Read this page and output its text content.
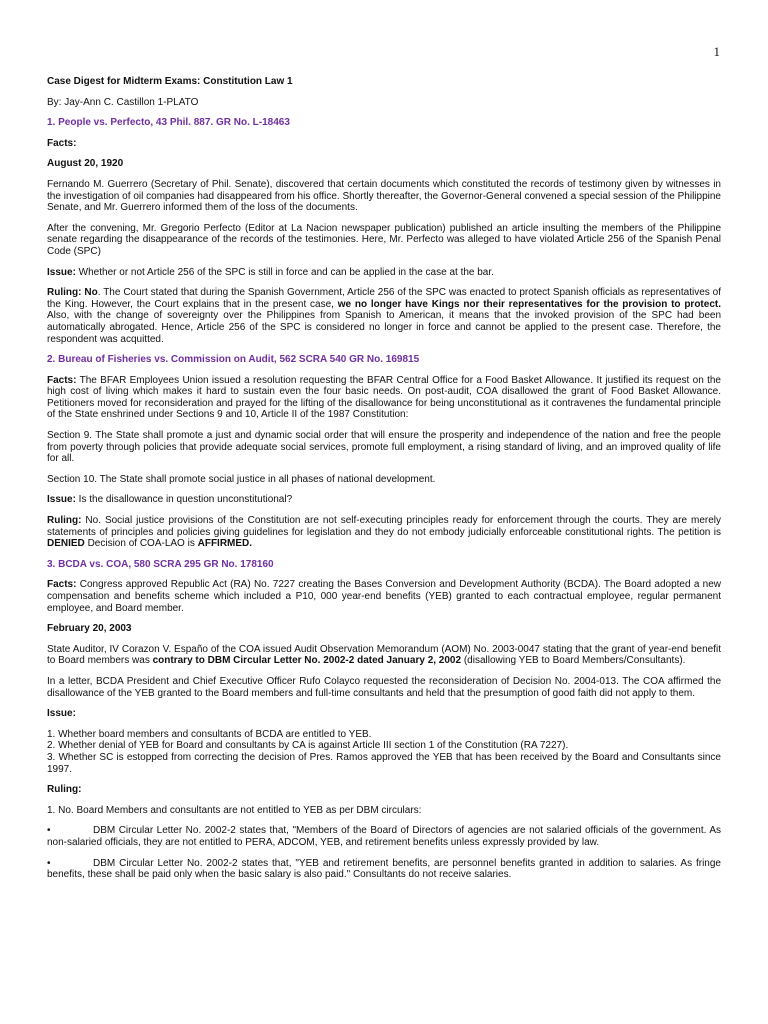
1

Case Digest for Midterm Exams: Constitution Law 1

By: Jay-Ann C. Castillon 1-PLATO

1. People vs. Perfecto, 43 Phil. 887. GR No. L-18463

Facts:

August 20, 1920

Fernando M. Guerrero (Secretary of Phil. Senate), discovered that certain documents which constituted the records of testimony given by witnesses in the investigation of oil companies had disappeared from his office. Shortly thereafter, the Governor-General convened a special session of the Philippine Senate, and Mr. Guerrero informed them of the loss of the documents.

After the convening, Mr. Gregorio Perfecto (Editor at La Nacion newspaper publication) published an article insulting the members of the Philippine senate regarding the disappearance of the records of the testimonies. Here, Mr. Perfecto was alleged to have violated Article 256 of the Spanish Penal Code (SPC)

Issue: Whether or not Article 256 of the SPC is still in force and can be applied in the case at the bar.

Ruling: No. The Court stated that during the Spanish Government, Article 256 of the SPC was enacted to protect Spanish officials as representatives of the King. However, the Court explains that in the present case, we no longer have Kings nor their representatives for the provision to protect. Also, with the change of sovereignty over the Philippines from Spanish to American, it means that the invoked provision of the SPC had been automatically abrogated. Hence, Article 256 of the SPC is considered no longer in force and cannot be applied to the present case. Therefore, the respondent was acquitted.

2. Bureau of Fisheries vs. Commission on Audit, 562 SCRA 540 GR No. 169815

Facts: The BFAR Employees Union issued a resolution requesting the BFAR Central Office for a Food Basket Allowance. It justified its request on the high cost of living which makes it hard to sustain even the four basic needs. On post-audit, COA disallowed the grant of Food Basket Allowance. Petitioners moved for reconsideration and prayed for the lifting of the disallowance for being unconstitutional as it contravenes the fundamental principle of the State enshrined under Sections 9 and 10, Article II of the 1987 Constitution:

Section 9. The State shall promote a just and dynamic social order that will ensure the prosperity and independence of the nation and free the people from poverty through policies that provide adequate social services, promote full employment, a rising standard of living, and an improved quality of life for all.

Section 10. The State shall promote social justice in all phases of national development.

Issue: Is the disallowance in question unconstitutional?

Ruling: No. Social justice provisions of the Constitution are not self-executing principles ready for enforcement through the courts. They are merely statements of principles and policies giving guidelines for legislation and they do not embody judicially enforceable constitutional rights. The petition is DENIED Decision of COA-LAO is AFFIRMED.

3. BCDA vs. COA, 580 SCRA 295 GR No. 178160

Facts: Congress approved Republic Act (RA) No. 7227 creating the Bases Conversion and Development Authority (BCDA). The Board adopted a new compensation and benefits scheme which included a P10, 000 year-end benefits (YEB) granted to each contractual employee, regular permanent employee, and Board member.

February 20, 2003

State Auditor, IV Corazon V. Españo of the COA issued Audit Observation Memorandum (AOM) No. 2003-0047 stating that the grant of year-end benefit to Board members was contrary to DBM Circular Letter No. 2002-2 dated January 2, 2002 (disallowing YEB to Board Members/Consultants).

In a letter, BCDA President and Chief Executive Officer Rufo Colayco requested the reconsideration of Decision No. 2004-013. The COA affirmed the disallowance of the YEB granted to the Board members and full-time consultants and held that the presumption of good faith did not apply to them.

Issue:

1. Whether board members and consultants of BCDA are entitled to YEB.
2. Whether denial of YEB for Board and consultants by CA is against Article III section 1 of the Constitution (RA 7227).
3. Whether SC is estopped from correcting the decision of Pres. Ramos approved the YEB that has been received by the Board and Consultants since 1997.

Ruling:

1. No. Board Members and consultants are not entitled to YEB as per DBM circulars:

•	DBM Circular Letter No. 2002-2 states that, "Members of the Board of Directors of agencies are not salaried officials of the government. As non-salaried officials, they are not entitled to PERA, ADCOM, YEB, and retirement benefits unless expressly provided by law.

•	DBM Circular Letter No. 2002-2 states that, "YEB and retirement benefits, are personnel benefits granted in addition to salaries. As fringe benefits, these shall be paid only when the basic salary is also paid." Consultants do not receive salaries.
